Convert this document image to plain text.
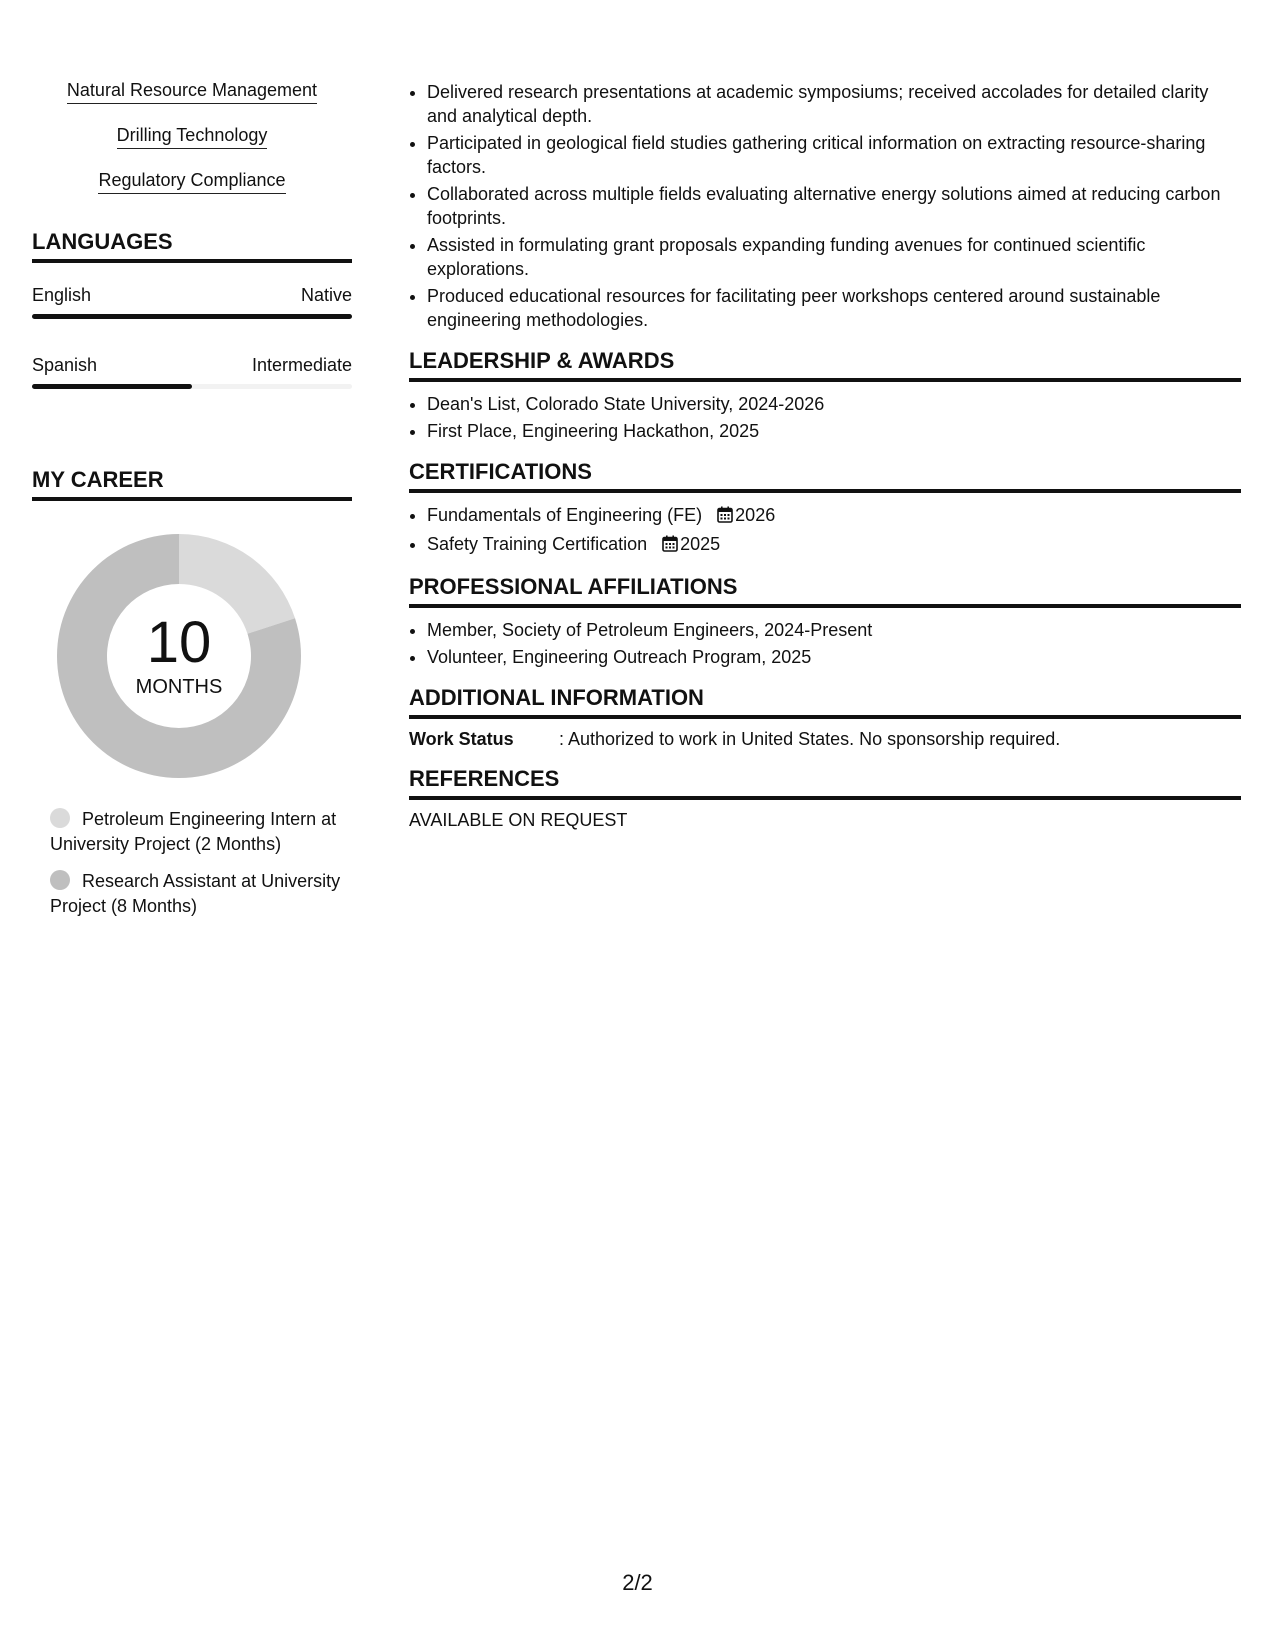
Natural Resource Management
Drilling Technology
Regulatory Compliance
LANGUAGES
English	Native
Spanish	Intermediate
MY CAREER
10
MONTHS
Petroleum Engineering Intern at University Project (2 Months)
Research Assistant at University Project (8 Months)
• Delivered research presentations at academic symposiums; received accolades for detailed clarity and analytical depth.
• Participated in geological field studies gathering critical information on extracting resource-sharing factors.
• Collaborated across multiple fields evaluating alternative energy solutions aimed at reducing carbon footprints.
• Assisted in formulating grant proposals expanding funding avenues for continued scientific explorations.
• Produced educational resources for facilitating peer workshops centered around sustainable engineering methodologies.
LEADERSHIP & AWARDS
• Dean's List, Colorado State University, 2024-2026
• First Place, Engineering Hackathon, 2025
CERTIFICATIONS
• Fundamentals of Engineering (FE) 2026
• Safety Training Certification 2025
PROFESSIONAL AFFILIATIONS
• Member, Society of Petroleum Engineers, 2024-Present
• Volunteer, Engineering Outreach Program, 2025
ADDITIONAL INFORMATION
Work Status	: Authorized to work in United States. No sponsorship required.
REFERENCES
AVAILABLE ON REQUEST
2/2
